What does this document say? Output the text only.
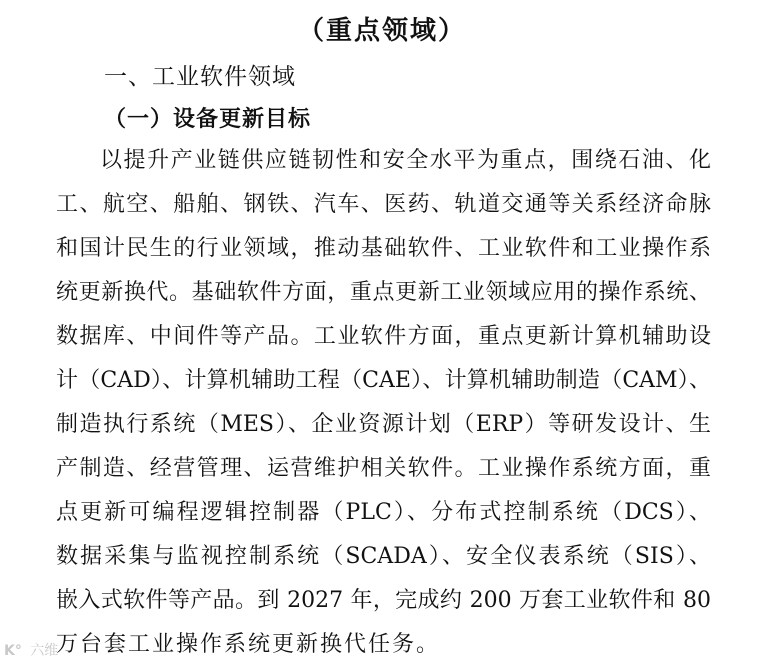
（重点领域）
一、工业软件领域
（一）设备更新目标
以提升产业链供应链韧性和安全水平为重点，围绕石油、化
工、航空、船舶、钢铁、汽车、医药、轨道交通等关系经济命脉
和国计民生的行业领域，推动基础软件、工业软件和工业操作系
统更新换代。基础软件方面，重点更新工业领域应用的操作系统、
数据库、中间件等产品。工业软件方面，重点更新计算机辅助设
计（CAD）、计算机辅助工程（CAE）、计算机辅助制造（CAM）、
制造执行系统（MES）、企业资源计划（ERP）等研发设计、生
产制造、经营管理、运营维护相关软件。工业操作系统方面，重
点更新可编程逻辑控制器（PLC）、分布式控制系统（DCS）、
数据采集与监视控制系统（SCADA）、安全仪表系统（SIS）、
嵌入式软件等产品。到 2027 年，完成约 200 万套工业软件和 80
万台套工业操作系统更新换代任务。
K° 六维
